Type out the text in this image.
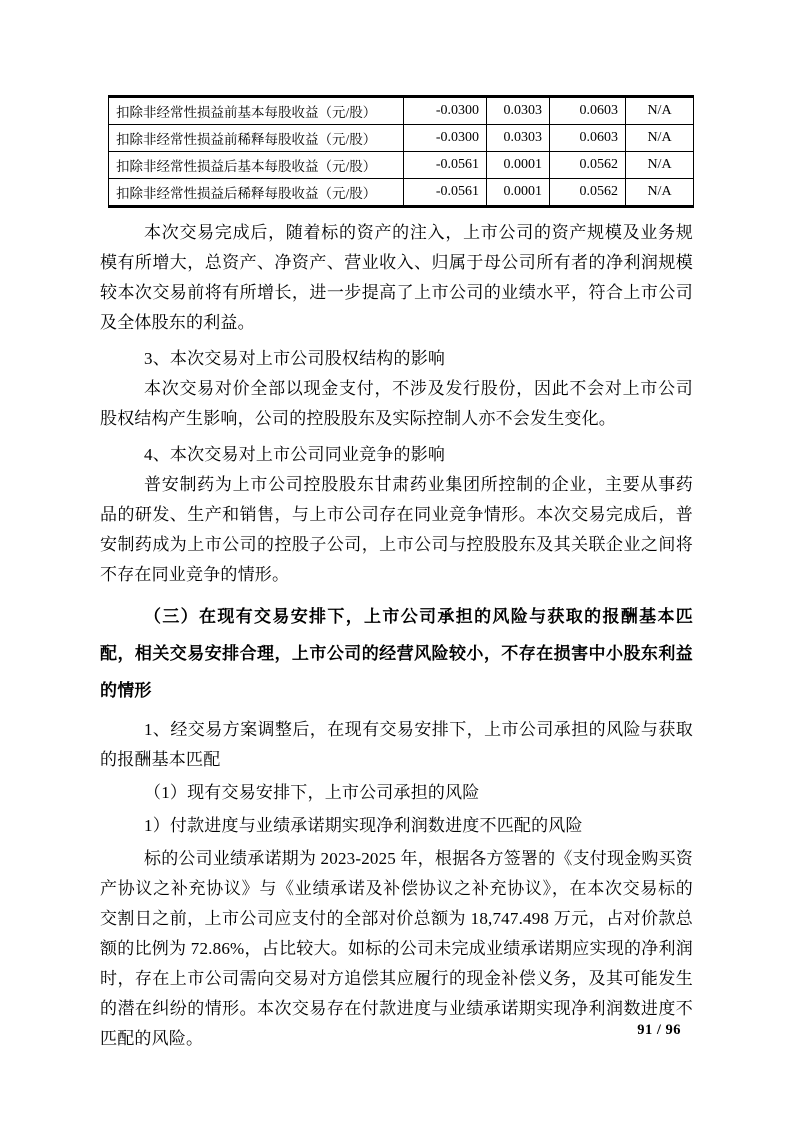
扣除非经常性损益前基本每股收益（元/股）	-0.0300	0.0303	0.0603	N/A
扣除非经常性损益前稀释每股收益（元/股）	-0.0300	0.0303	0.0603	N/A
扣除非经常性损益后基本每股收益（元/股）	-0.0561	0.0001	0.0562	N/A
扣除非经常性损益后稀释每股收益（元/股）	-0.0561	0.0001	0.0562	N/A

本次交易完成后，随着标的资产的注入，上市公司的资产规模及业务规模有所增大，总资产、净资产、营业收入、归属于母公司所有者的净利润规模较本次交易前将有所增长，进一步提高了上市公司的业绩水平，符合上市公司及全体股东的利益。

3、本次交易对上市公司股权结构的影响

本次交易对价全部以现金支付，不涉及发行股份，因此不会对上市公司股权结构产生影响，公司的控股股东及实际控制人亦不会发生变化。

4、本次交易对上市公司同业竞争的影响

普安制药为上市公司控股股东甘肃药业集团所控制的企业，主要从事药品的研发、生产和销售，与上市公司存在同业竞争情形。本次交易完成后，普安制药成为上市公司的控股子公司，上市公司与控股股东及其关联企业之间将不存在同业竞争的情形。

（三）在现有交易安排下，上市公司承担的风险与获取的报酬基本匹配，相关交易安排合理，上市公司的经营风险较小，不存在损害中小股东利益的情形

1、经交易方案调整后，在现有交易安排下，上市公司承担的风险与获取的报酬基本匹配

（1）现有交易安排下，上市公司承担的风险

1）付款进度与业绩承诺期实现净利润数进度不匹配的风险

标的公司业绩承诺期为 2023-2025 年，根据各方签署的《支付现金购买资产协议之补充协议》与《业绩承诺及补偿协议之补充协议》，在本次交易标的交割日之前，上市公司应支付的全部对价总额为 18,747.498 万元，占对价款总额的比例为 72.86%，占比较大。如标的公司未完成业绩承诺期应实现的净利润时，存在上市公司需向交易对方追偿其应履行的现金补偿义务，及其可能发生的潜在纠纷的情形。本次交易存在付款进度与业绩承诺期实现净利润数进度不匹配的风险。	91 / 96
